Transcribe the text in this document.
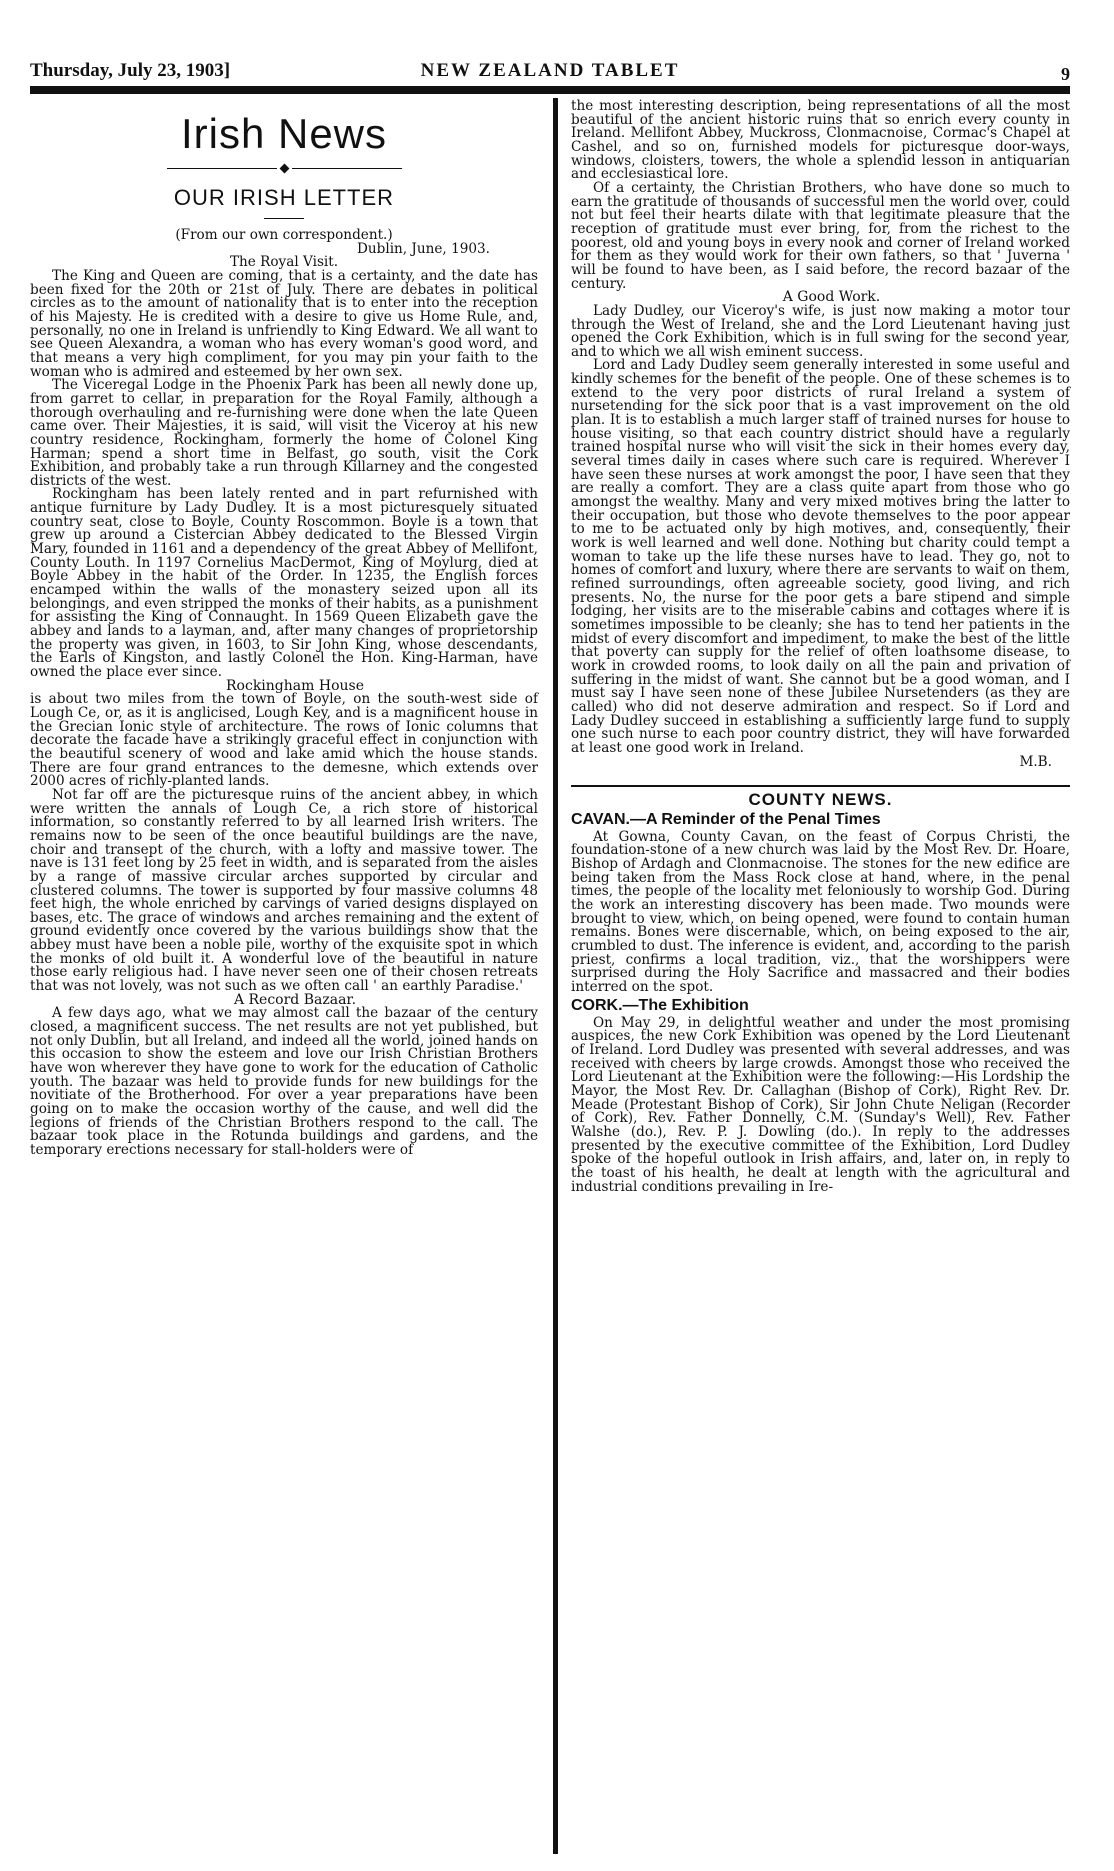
Thursday, July 23, 1903]	NEW ZEALAND TABLET	9
Irish News
OUR IRISH LETTER

(From our own correspondent.)

Dublin, June, 1903.

The Royal Visit.

The King and Queen are coming, that is a certainty, and the date has been fixed for the 20th or 21st of July. There are debates in political circles as to the amount of nationality that is to enter into the reception of his Majesty. He is credited with a desire to give us Home Rule, and, personally, no one in Ireland is unfriendly to King Edward. We all want to see Queen Alexandra, a woman who has every woman's good word, and that means a very high compliment, for you may pin your faith to the woman who is admired and esteemed by her own sex.

The Viceregal Lodge in the Phoenix Park has been all newly done up, from garret to cellar, in preparation for the Royal Family, although a thorough overhauling and re-furnishing were done when the late Queen came over. Their Majesties, it is said, will visit the Viceroy at his new country residence, Rockingham, formerly the home of Colonel King Harman; spend a short time in Belfast, go south, visit the Cork Exhibition, and probably take a run through Killarney and the congested districts of the west.

Rockingham has been lately rented and in part refurnished with antique furniture by Lady Dudley. It is a most picturesquely situated country seat, close to Boyle, County Roscommon. Boyle is a town that grew up around a Cistercian Abbey dedicated to the Blessed Virgin Mary, founded in 1161 and a dependency of the great Abbey of Mellifont, County Louth. In 1197 Cornelius MacDermot, King of Moylurg, died at Boyle Abbey in the habit of the Order. In 1235, the English forces encamped within the walls of the monastery seized upon all its belongings, and even stripped the monks of their habits, as a punishment for assisting the King of Connaught. In 1569 Queen Elizabeth gave the abbey and lands to a layman, and, after many changes of proprietorship the property was given, in 1603, to Sir John King, whose descendants, the Earls of Kingston, and lastly Colonel the Hon. King-Harman, have owned the place ever since.

Rockingham House

is about two miles from the town of Boyle, on the south-west side of Lough Ce, or, as it is anglicised, Lough Key, and is a magnificent house in the Grecian Ionic style of architecture. The rows of Ionic columns that decorate the facade have a strikingly graceful effect in conjunction with the beautiful scenery of wood and lake amid which the house stands. There are four grand entrances to the demesne, which extends over 2000 acres of richly-planted lands.

Not far off are the picturesque ruins of the ancient abbey, in which were written the annals of Lough Ce, a rich store of historical information, so constantly referred to by all learned Irish writers. The remains now to be seen of the once beautiful buildings are the nave, choir and transept of the church, with a lofty and massive tower. The nave is 131 feet long by 25 feet in width, and is separated from the aisles by a range of massive circular arches supported by circular and clustered columns. The tower is supported by four massive columns 48 feet high, the whole enriched by carvings of varied designs displayed on bases, etc. The grace of windows and arches remaining and the extent of ground evidently once covered by the various buildings show that the abbey must have been a noble pile, worthy of the exquisite spot in which the monks of old built it. A wonderful love of the beautiful in nature those early religious had. I have never seen one of their chosen retreats that was not lovely, was not such as we often call ' an earthly Paradise.'

A Record Bazaar.

A few days ago, what we may almost call the bazaar of the century closed, a magnificent success. The net results are not yet published, but not only Dublin, but all Ireland, and indeed all the world, joined hands on this occasion to show the esteem and love our Irish Christian Brothers have won wherever they have gone to work for the education of Catholic youth. The bazaar was held to provide funds for new buildings for the novitiate of the Brotherhood. For over a year preparations have been going on to make the occasion worthy of the cause, and well did the legions of friends of the Christian Brothers respond to the call. The bazaar took place in the Rotunda buildings and gardens, and the temporary erections necessary for stall-holders were of

the most interesting description, being representations of all the most beautiful of the ancient historic ruins that so enrich every county in Ireland. Mellifont Abbey, Muckross, Clonmacnoise, Cormac's Chapel at Cashel, and so on, furnished models for picturesque door-ways, windows, cloisters, towers, the whole a splendid lesson in antiquarian and ecclesiastical lore.

Of a certainty, the Christian Brothers, who have done so much to earn the gratitude of thousands of successful men the world over, could not but feel their hearts dilate with that legitimate pleasure that the reception of gratitude must ever bring, for, from the richest to the poorest, old and young boys in every nook and corner of Ireland worked for them as they would work for their own fathers, so that ' Juverna ' will be found to have been, as I said before, the record bazaar of the century.

A Good Work.

Lady Dudley, our Viceroy's wife, is just now making a motor tour through the West of Ireland, she and the Lord Lieutenant having just opened the Cork Exhibition, which is in full swing for the second year, and to which we all wish eminent success.

Lord and Lady Dudley seem generally interested in some useful and kindly schemes for the benefit of the people. One of these schemes is to extend to the very poor districts of rural Ireland a system of nursetending for the sick poor that is a vast improvement on the old plan. It is to establish a much larger staff of trained nurses for house to house visiting, so that each country district should have a regularly trained hospital nurse who will visit the sick in their homes every day, several times daily in cases where such care is required. Wherever I have seen these nurses at work amongst the poor, I have seen that they are really a comfort. They are a class quite apart from those who go amongst the wealthy. Many and very mixed motives bring the latter to their occupation, but those who devote themselves to the poor appear to me to be actuated only by high motives, and, consequently, their work is well learned and well done. Nothing but charity could tempt a woman to take up the life these nurses have to lead. They go, not to homes of comfort and luxury, where there are servants to wait on them, refined surroundings, often agreeable society, good living, and rich presents. No, the nurse for the poor gets a bare stipend and simple lodging, her visits are to the miserable cabins and cottages where it is sometimes impossible to be cleanly; she has to tend her patients in the midst of every discomfort and impediment, to make the best of the little that poverty can supply for the relief of often loathsome disease, to work in crowded rooms, to look daily on all the pain and privation of suffering in the midst of want. She cannot but be a good woman, and I must say I have seen none of these Jubilee Nursetenders (as they are called) who did not deserve admiration and respect. So if Lord and Lady Dudley succeed in establishing a sufficiently large fund to supply one such nurse to each poor country district, they will have forwarded at least one good work in Ireland.

M.B.

COUNTY NEWS.
CAVAN.—A Reminder of the Penal Times

At Gowna, County Cavan, on the feast of Corpus Christi, the foundation-stone of a new church was laid by the Most Rev. Dr. Hoare, Bishop of Ardagh and Clonmacnoise. The stones for the new edifice are being taken from the Mass Rock close at hand, where, in the penal times, the people of the locality met feloniously to worship God. During the work an interesting discovery has been made. Two mounds were brought to view, which, on being opened, were found to contain human remains. Bones were discernable, which, on being exposed to the air, crumbled to dust. The inference is evident, and, according to the parish priest, confirms a local tradition, viz., that the worshippers were surprised during the Holy Sacrifice and massacred and their bodies interred on the spot.

CORK.—The Exhibition

On May 29, in delightful weather and under the most promising auspices, the new Cork Exhibition was opened by the Lord Lieutenant of Ireland. Lord Dudley was presented with several addresses, and was received with cheers by large crowds. Amongst those who received the Lord Lieutenant at the Exhibition were the following:—His Lordship the Mayor, the Most Rev. Dr. Callaghan (Bishop of Cork), Right Rev. Dr. Meade (Protestant Bishop of Cork), Sir John Chute Neligan (Recorder of Cork), Rev. Father Donnelly, C.M. (Sunday's Well), Rev. Father Walshe (do.), Rev. P. J. Dowling (do.). In reply to the addresses presented by the executive committee of the Exhibition, Lord Dudley spoke of the hopeful outlook in Irish affairs, and, later on, in reply to the toast of his health, he dealt at length with the agricultural and industrial conditions prevailing in Ire-
